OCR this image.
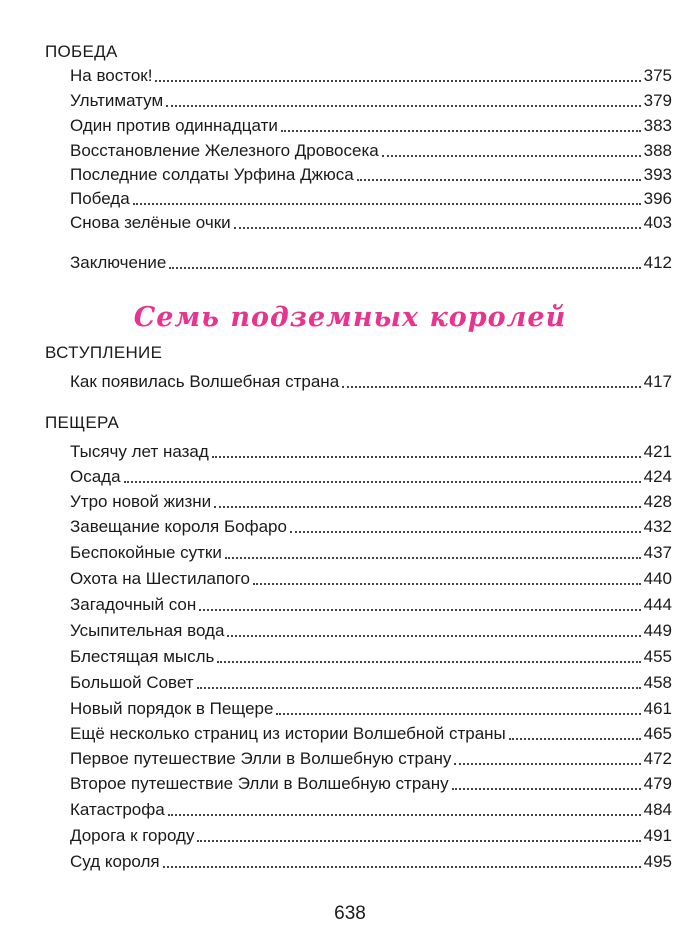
ПОБЕДА
На восток!	375
Ультиматум	379
Один против одиннадцати	383
Восстановление Железного Дровосека	388
Последние солдаты Урфина Джюса	393
Победа	396
Снова зелёные очки	403
Заключение	412
Семь подземных королей
ВСТУПЛЕНИЕ
Как появилась Волшебная страна	417
ПЕЩЕРА
Тысячу лет назад	421
Осада	424
Утро новой жизни	428
Завещание короля Бофаро	432
Беспокойные сутки	437
Охота на Шестилапого	440
Загадочный сон	444
Усыпительная вода	449
Блестящая мысль	455
Большой Совет	458
Новый порядок в Пещере	461
Ещё несколько страниц из истории Волшебной страны	465
Первое путешествие Элли в Волшебную страну	472
Второе путешествие Элли в Волшебную страну	479
Катастрофа	484
Дорога к городу	491
Суд короля	495
638
